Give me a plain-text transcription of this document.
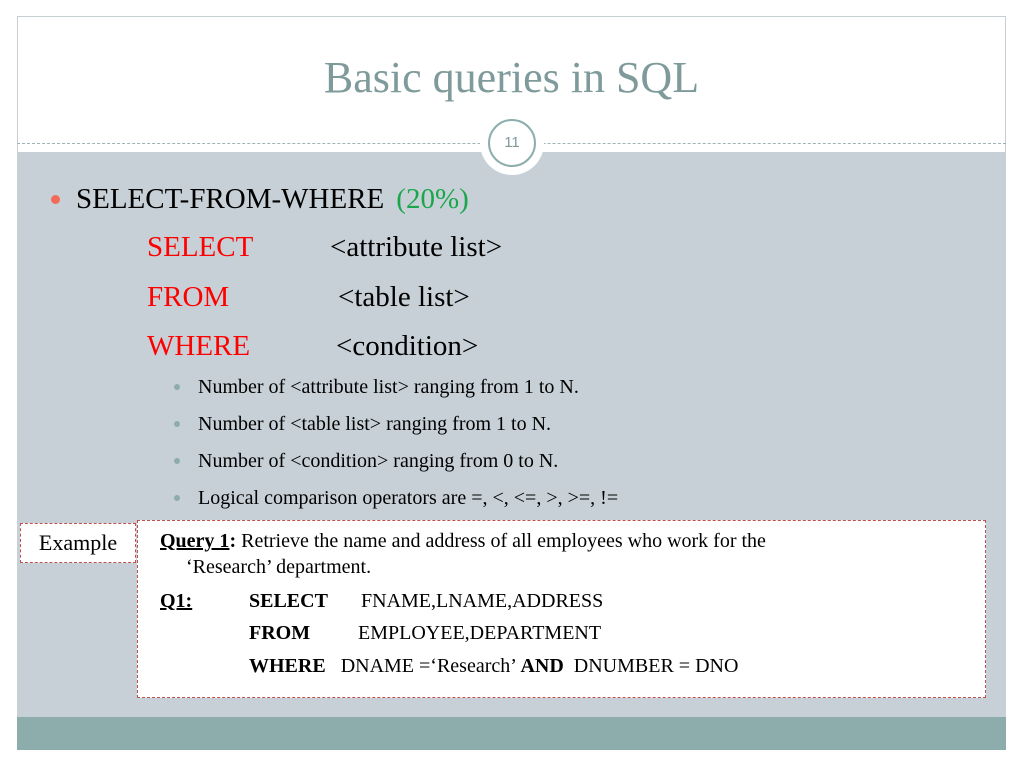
Basic queries in SQL
11
SELECT-FROM-WHERE (20%)
SELECT	<attribute list>
FROM	<table list>
WHERE	<condition>
Number of <attribute list> ranging from 1 to N.
Number of <table list> ranging from 1 to N.
Number of <condition> ranging from 0 to N.
Logical comparison operators are =, <, <=, >, >=, !=
Example	Query 1: Retrieve the name and address of all employees who work for the
‘Research’ department.
Q1:	SELECT FNAME,LNAME,ADDRESS
FROM EMPLOYEE,DEPARTMENT
WHERE DNAME =‘Research’ AND DNUMBER = DNO
